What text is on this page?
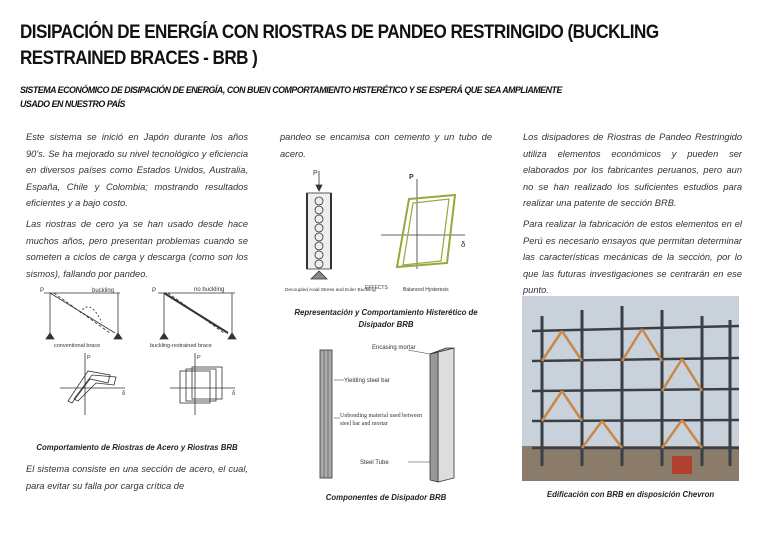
DISIPACIÓN DE ENERGÍA CON RIOSTRAS DE PANDEO RESTRINGIDO (BUCKLING RESTRAINED BRACES - BRB )
SISTEMA ECONÓMICO DE DISIPACIÓN DE ENERGÍA, CON BUEN COMPORTAMIENTO HISTERÉTICO Y SE ESPERÁ QUE SEA AMPLIAMENTE USADO EN NUESTRO PAÍS

Este sistema se inició en Japón durante los años 90's. Se ha mejorado su nivel tecnológico y eficiencia en diversos países como Estados Unidos, Australia, España, Chile y Colombia; mostrando resultados eficientes y a bajo costo.

Las riostras de cero ya se han usado desde hace muchos años, pero presentan problemas cuando se someten a ciclos de carga y descarga (como son los sismos), fallando por pandeo.

P	buckling	P	no buckling
conventional brace	buckling-restrained brace
P
δ
P
δ
Comportamiento de Riostras de Acero y Riostras BRB

El sistema consiste en una sección de acero, el cual, para evitar su falla por carga crítica de

pandeo se encamisa con cemento y un tubo de acero.

P
P
δ
Decoupled Axial Stress and Euler Buckling
EFFECTS	Balanced Hysteresis
Representación y Comportamiento Histerético de Disipador BRB
Encasing mortar
Yielding steel bar
Unbonding material used between steel bar and mortar
Steel Tube
Componentes de Disipador BRB

Los disipadores de Riostras de Pandeo Restringido utiliza elementos económicos y pueden ser elaborados por los fabricantes peruanos, pero aun no se han realizado los suficientes estudios para realizar una patente de sección BRB.

Para realizar la fabricación de estos elementos en el Perú es necesario ensayos que permitan determinar las características mecánicas de la sección, por lo que las futuras investigaciones se centrarán en ese punto.

Edificación con BRB en disposición Chevron
